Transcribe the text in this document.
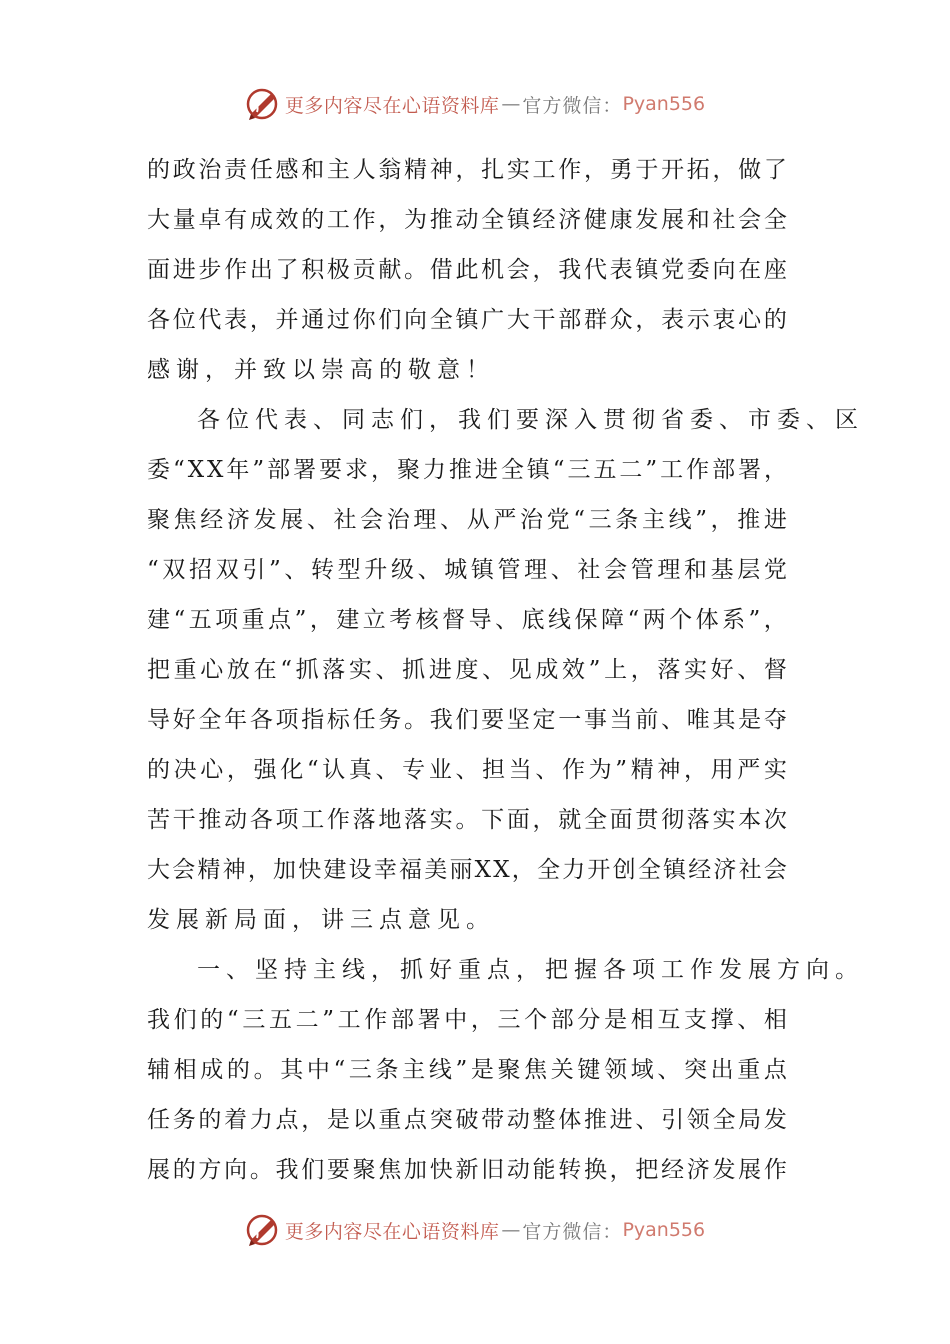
更多内容尽在心语资料库 — 官方微信： Pyan556
的 政 治 责 任 感 和 主 人 翁 精 神 ， 扎 实 工 作 ， 勇 于 开 拓 ， 做 了
大 量 卓 有 成 效 的 工 作 ， 为 推 动 全 镇 经 济 健 康 发 展 和 社 会 全
面 进 步 作 出 了 积 极 贡 献 。 借 此 机 会 ， 我 代 表 镇 党 委 向 在 座
各 位 代 表 ， 并 通 过 你 们 向 全 镇 广 大 干 部 群 众 ， 表 示 衷 心 的
感谢，并致以崇高的敬意！
各位代表、同志们，我们要深入贯彻省委、市委、区
委 “ X X 年 ” 部 署 要 求 ， 聚 力 推 进 全 镇 “ 三 五 二 ” 工 作 部 署 ，
聚 焦 经 济 发 展 、 社 会 治 理 、 从 严 治 党 “ 三 条 主 线 ” ， 推 进
“ 双 招 双 引 ” 、 转 型 升 级 、 城 镇 管 理 、 社 会 管 理 和 基 层 党
建 “ 五 项 重 点 ” ， 建 立 考 核 督 导 、 底 线 保 障 “ 两 个 体 系 ” ，
把 重 心 放 在 “ 抓 落 实 、 抓 进 度 、 见 成 效 ” 上 ， 落 实 好 、 督
导 好 全 年 各 项 指 标 任 务 。 我 们 要 坚 定 一 事 当 前 、 唯 其 是 夺
的 决 心 ， 强 化 “ 认 真 、 专 业 、 担 当 、 作 为 ” 精 神 ， 用 严 实
苦 干 推 动 各 项 工 作 落 地 落 实 。 下 面 ， 就 全 面 贯 彻 落 实 本 次
大 会 精 神 ， 加 快 建 设 幸 福 美 丽 X X ， 全 力 开 创 全 镇 经 济 社 会
发展新局面，讲三点意见。
一、坚持主线，抓好重点，把握各项工作发展方向。
我 们 的 “ 三 五 二 ” 工 作 部 署 中 ， 三 个 部 分 是 相 互 支 撑 、 相
辅 相 成 的 。 其 中 “ 三 条 主 线 ” 是 聚 焦 关 键 领 域 、 突 出 重 点
任 务 的 着 力 点 ， 是 以 重 点 突 破 带 动 整 体 推 进 、 引 领 全 局 发
展 的 方 向 。 我 们 要 聚 焦 加 快 新 旧 动 能 转 换 ， 把 经 济 发 展 作
更多内容尽在心语资料库 — 官方微信： Pyan556
